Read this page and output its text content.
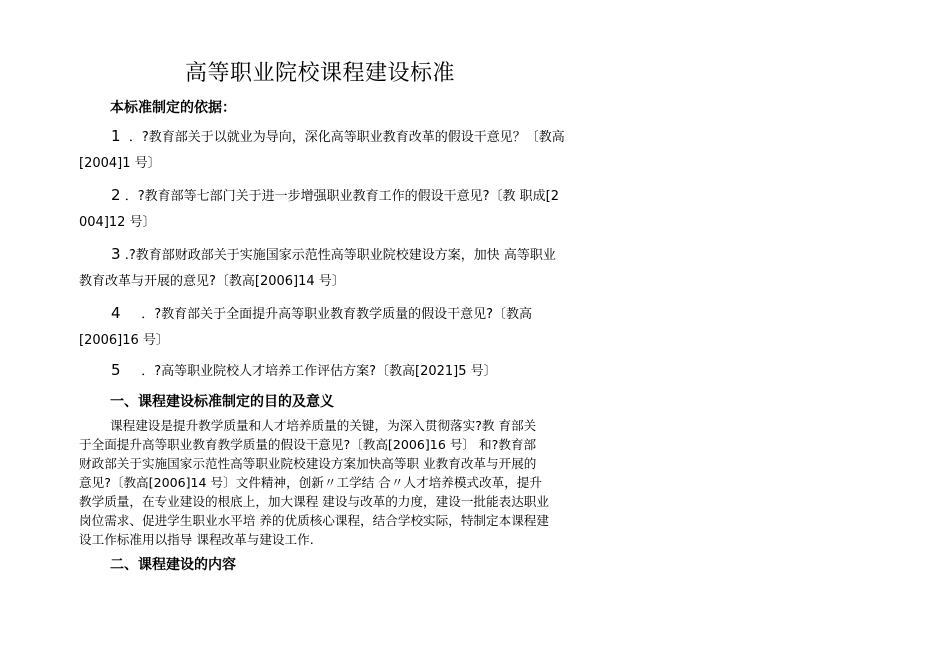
高等职业院校课程建设标准
本标准制定的依据：
1 ．?教育部关于以就业为导向，深化高等职业教育改革的假设干意见？〔教高
[2004]1 号〕
2 ．?教育部等七部门关于进一步增强职业教育工作的假设干意见?〔教 职成[2
004]12 号〕
3 .?教育部财政部关于实施国家示范性高等职业院校建设方案，加快 高等职业
教育改革与开展的意见?〔教高[2006]14 号〕
4 ．?教育部关于全面提升高等职业教育教学质量的假设干意见?〔教高
[2006]16 号〕
5 ．?高等职业院校人才培养工作评估方案?〔教高[2021]5 号〕
一、课程建设标准制定的目的及意义
课程建设是提升教学质量和人才培养质量的关键，为深入贯彻落实?教 育部关
于全面提升高等职业教育教学质量的假设干意见?〔教高[2006]16 号〕 和?教育部
财政部关于实施国家示范性高等职业院校建设方案加快高等职 业教育改革与开展的
意见?〔教高[2006]14 号〕文件精神，创新〃工学结 合〃人才培养模式改革，提升
教学质量，在专业建设的根底上，加大课程 建设与改革的力度，建设一批能表达职业
岗位需求、促进学生职业水平培 养的优质核心课程，结合学校实际，特制定本课程建
设工作标准用以指导 课程改革与建设工作.
二、课程建设的内容
